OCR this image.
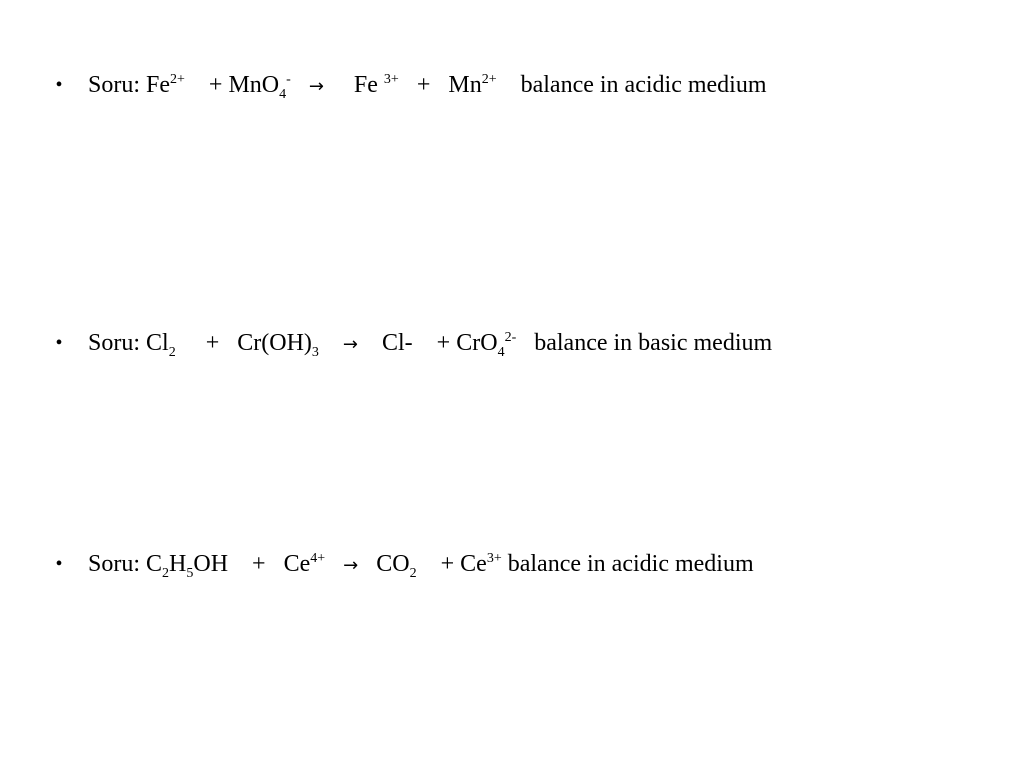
• Soru: $Fe^{2+} + MnO_4^- \to Fe$ $^{3+} + Mn^{2+}$ balance in acidic medium
• Soru: $Cl_2 + Cr(OH)_3 \to Cl- + CrO_4^{2-}$ balance in basic medium
• Soru: $C_2H_5OH + Ce^{4+} \to CO_2 + Ce^{3+}$ balance in acidic medium
